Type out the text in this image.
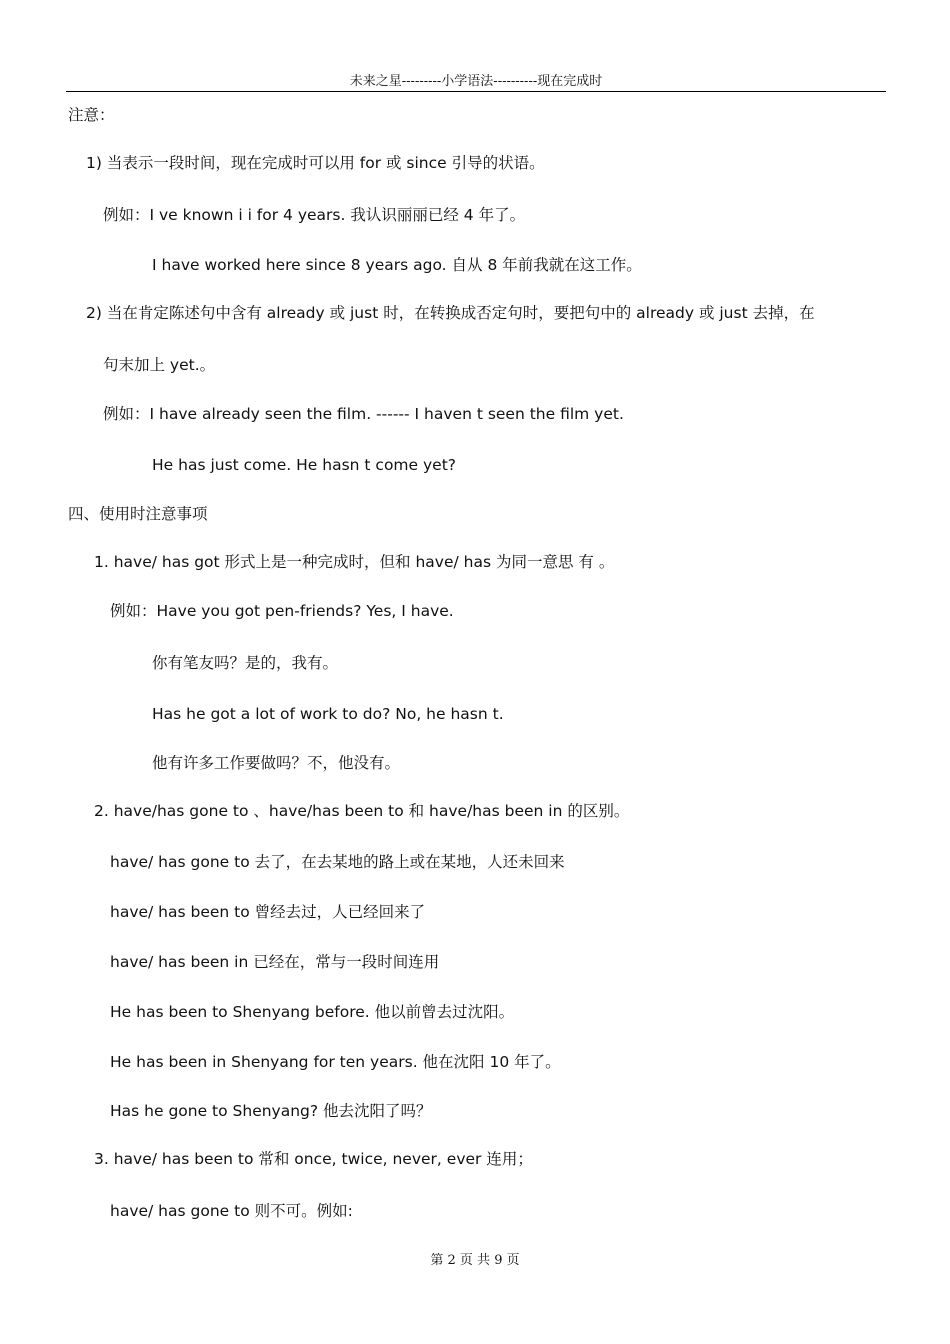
未来之星---------小学语法----------现在完成时
注意：
1) 当表示一段时间，现在完成时可以用 for 或 since 引导的状语。
例如：I ve known i i for 4 years. 我认识丽丽已经 4 年了。
I have worked here since 8 years ago. 自从 8 年前我就在这工作。
2) 当在肯定陈述句中含有 already 或 just 时，在转换成否定句时，要把句中的 already 或 just 去掉，在
句末加上 yet.。
例如：I have already seen the film. ------ I haven t seen the film yet.
He has just come. He hasn t come yet?
四、使用时注意事项
1. have/ has got 形式上是一种完成时，但和 have/ has 为同一意思 有 。
例如：Have you got pen-friends? Yes, I have.
你有笔友吗？是的，我有。
Has he got a lot of work to do? No, he hasn t.
他有许多工作要做吗？不，他没有。
2. have/has gone to 、have/has been to 和 have/has been in 的区别。
have/ has gone to 去了，在去某地的路上或在某地，人还未回来
have/ has been to 曾经去过，人已经回来了
have/ has been in 已经在，常与一段时间连用
He has been to Shenyang before. 他以前曾去过沈阳。
He has been in Shenyang for ten years. 他在沈阳 10 年了。
Has he gone to Shenyang? 他去沈阳了吗？
3. have/ has been to 常和 once, twice, never, ever 连用；
have/ has gone to 则不可。例如:
第 2 页 共 9 页
